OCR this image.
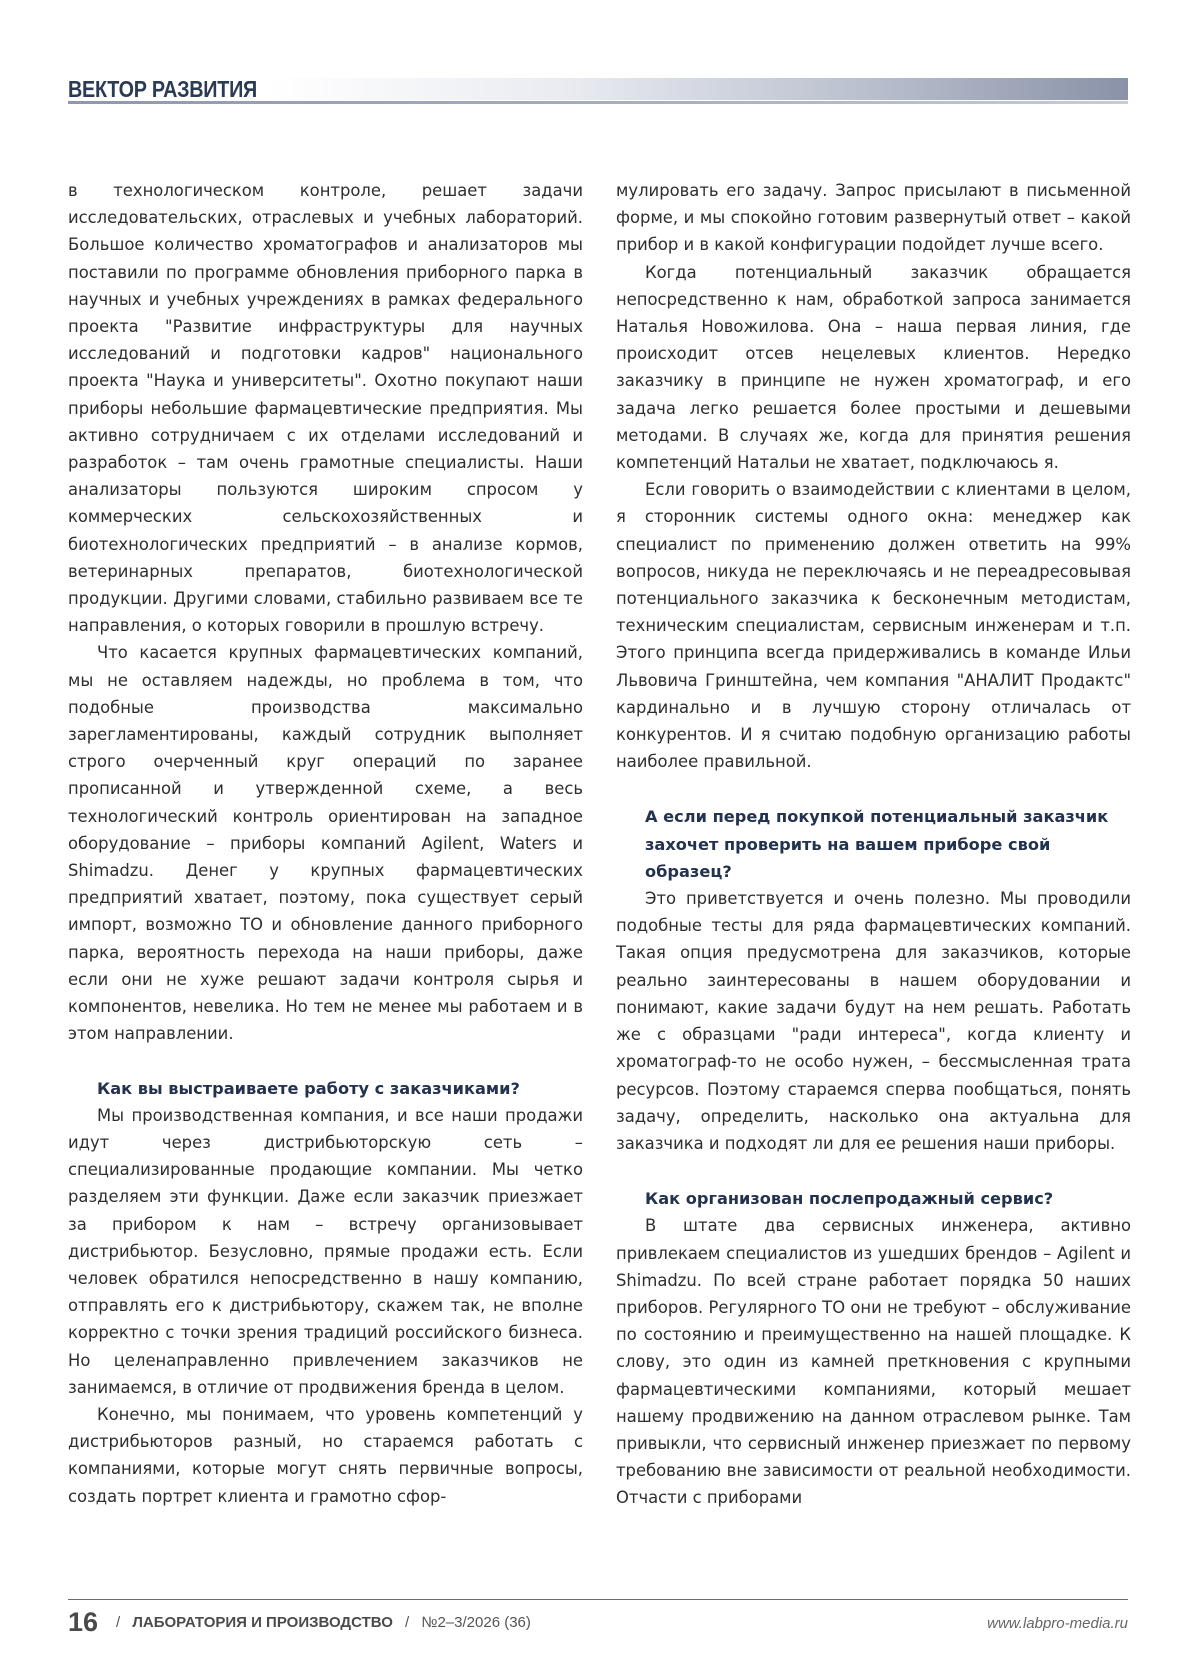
ВЕКТОР РАЗВИТИЯ

в технологическом контроле, решает задачи исследовательских, отраслевых и учебных лабораторий. Большое количество хроматографов и анализаторов мы поставили по программе обновления приборного парка в научных и учебных учреждениях в рамках федерального проекта "Развитие инфраструктуры для научных исследований и подготовки кадров" национального проекта "Наука и университеты". Охотно покупают наши приборы небольшие фармацевтические предприятия. Мы активно сотрудничаем с их отделами исследований и разработок – там очень грамотные специалисты. Наши анализаторы пользуются широким спросом у коммерческих сельскохозяйственных и биотехнологических предприятий – в анализе кормов, ветеринарных препаратов, биотехнологической продукции. Другими словами, стабильно развиваем все те направления, о которых говорили в прошлую встречу.

Что касается крупных фармацевтических компаний, мы не оставляем надежды, но проблема в том, что подобные производства максимально зарегламентированы, каждый сотрудник выполняет строго очерченный круг операций по заранее прописанной и утвержденной схеме, а весь технологический контроль ориентирован на западное оборудование – приборы компаний Agilent, Waters и Shimadzu. Денег у крупных фармацевтических предприятий хватает, поэтому, пока существует серый импорт, возможно ТО и обновление данного приборного парка, вероятность перехода на наши приборы, даже если они не хуже решают задачи контроля сырья и компонентов, невелика. Но тем не менее мы работаем и в этом направлении.

Как вы выстраиваете работу с заказчиками?

Мы производственная компания, и все наши продажи идут через дистрибьюторскую сеть – специализированные продающие компании. Мы четко разделяем эти функции. Даже если заказчик приезжает за прибором к нам – встречу организовывает дистрибьютор. Безусловно, прямые продажи есть. Если человек обратился непосредственно в нашу компанию, отправлять его к дистрибьютору, скажем так, не вполне корректно с точки зрения традиций российского бизнеса. Но целенаправленно привлечением заказчиков не занимаемся, в отличие от продвижения бренда в целом.

Конечно, мы понимаем, что уровень компетенций у дистрибьюторов разный, но стараемся работать с компаниями, которые могут снять первичные вопросы, создать портрет клиента и грамотно сфор-

мулировать его задачу. Запрос присылают в письменной форме, и мы спокойно готовим развернутый ответ – какой прибор и в какой конфигурации подойдет лучше всего.

Когда потенциальный заказчик обращается непосредственно к нам, обработкой запроса занимается Наталья Новожилова. Она – наша первая линия, где происходит отсев нецелевых клиентов. Нередко заказчику в принципе не нужен хроматограф, и его задача легко решается более простыми и дешевыми методами. В случаях же, когда для принятия решения компетенций Натальи не хватает, подключаюсь я.

Если говорить о взаимодействии с клиентами в целом, я сторонник системы одного окна: менеджер как специалист по применению должен ответить на 99% вопросов, никуда не переключаясь и не переадресовывая потенциального заказчика к бесконечным методистам, техническим специалистам, сервисным инженерам и т.п. Этого принципа всегда придерживались в команде Ильи Львовича Гринштейна, чем компания "АНАЛИТ Продактс" кардинально и в лучшую сторону отличалась от конкурентов. И я считаю подобную организацию работы наиболее правильной.

А если перед покупкой потенциальный заказчик захочет проверить на вашем приборе свой образец?

Это приветствуется и очень полезно. Мы проводили подобные тесты для ряда фармацевтических компаний. Такая опция предусмотрена для заказчиков, которые реально заинтересованы в нашем оборудовании и понимают, какие задачи будут на нем решать. Работать же с образцами "ради интереса", когда клиенту и хроматограф-то не особо нужен, – бессмысленная трата ресурсов. Поэтому стараемся сперва пообщаться, понять задачу, определить, насколько она актуальна для заказчика и подходят ли для ее решения наши приборы.

Как организован послепродажный сервис?

В штате два сервисных инженера, активно привлекаем специалистов из ушедших брендов – Agilent и Shimadzu. По всей стране работает порядка 50 наших приборов. Регулярного ТО они не требуют – обслуживание по состоянию и преимущественно на нашей площадке. К слову, это один из камней преткновения с крупными фармацевтическими компаниями, который мешает нашему продвижению на данном отраслевом рынке. Там привыкли, что сервисный инженер приезжает по первому требованию вне зависимости от реальной необходимости. Отчасти с приборами

16	/ ЛАБОРАТОРИЯ И ПРОИЗВОДСТВО / №2–3/2026 (36)	www.labpro-media.ru
